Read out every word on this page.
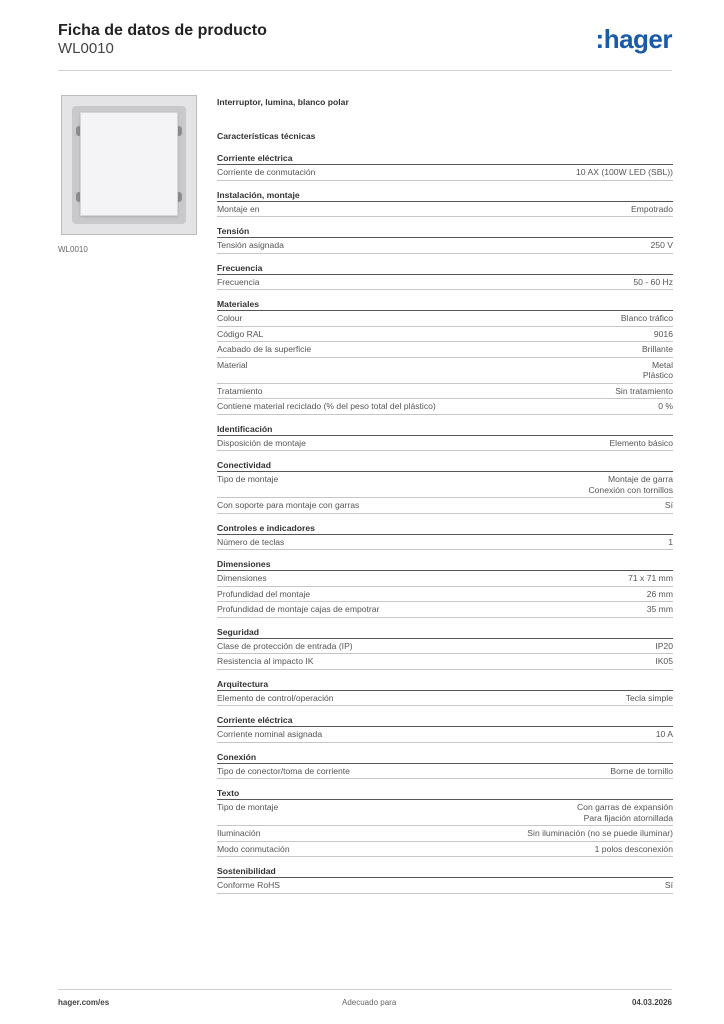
Ficha de datos de producto
WL0010	:hager
WL0010
Interruptor, lumina, blanco polar
Características técnicas
Corriente eléctrica
Corriente de conmutación	10 AX (100W LED (SBL))
Instalación, montaje
Montaje en	Empotrado
Tensión
Tensión asignada	250 V
Frecuencia
Frecuencia	50 - 60 Hz
Materiales
Colour	Blanco tráfico
Código RAL	9016
Acabado de la superficie	Brillante
Material	Metal
Plástico
Tratamiento	Sin tratamiento
Contiene material reciclado (% del peso total del plástico)	0 %
Identificación
Disposición de montaje	Elemento básico
Conectividad
Tipo de montaje	Montaje de garra
Conexión con tornillos
Con soporte para montaje con garras	Sí
Controles e indicadores
Número de teclas	1
Dimensiones
Dimensiones	71 x 71 mm
Profundidad del montaje	26 mm
Profundidad de montaje cajas de empotrar	35 mm
Seguridad
Clase de protección de entrada (IP)	IP20
Resistencia al impacto IK	IK05
Arquitectura
Elemento de control/operación	Tecla simple
Corriente eléctrica
Corriente nominal asignada	10 A
Conexión
Tipo de conector/toma de corriente	Borne de tornillo
Texto
Tipo de montaje	Con garras de expansión
Para fijación atornillada
Iluminación	Sin iluminación (no se puede iluminar)
Modo conmutación	1 polos desconexión
Sostenibilidad
Conforme RoHS	Sí
hager.com/es	Adecuado para	04.03.2026
